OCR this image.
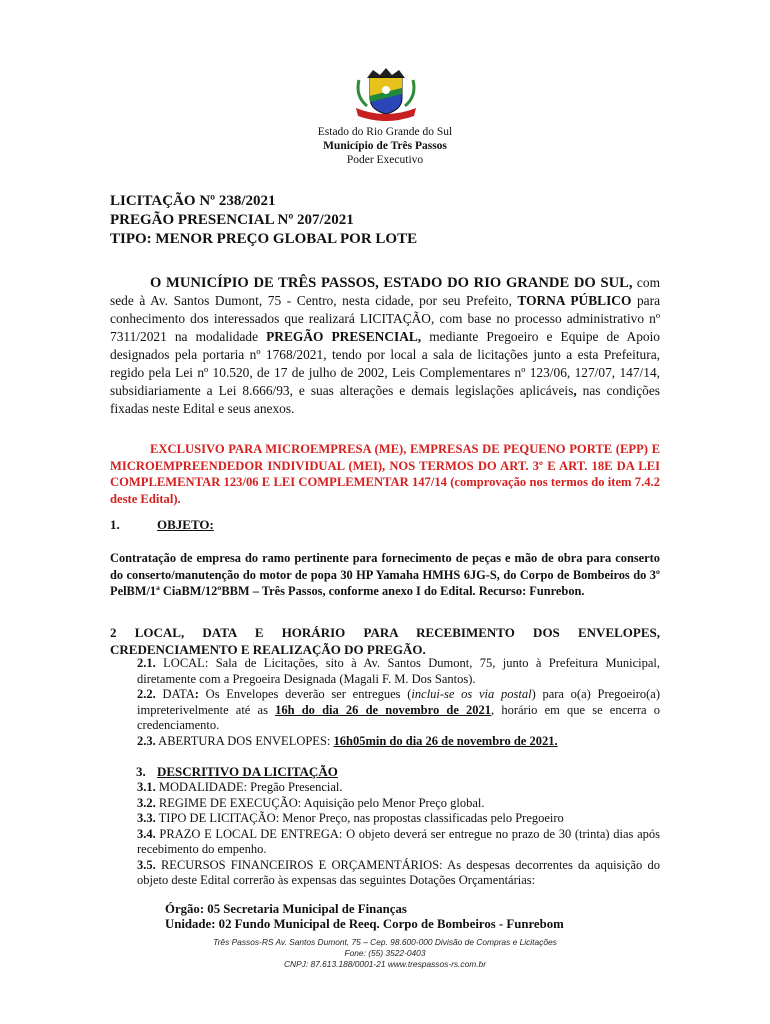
Estado do Rio Grande do Sul
Município de Três Passos
Poder Executivo
LICITAÇÃO Nº 238/2021
PREGÃO PRESENCIAL Nº 207/2021
TIPO: MENOR PREÇO GLOBAL POR LOTE
O MUNICÍPIO DE TRÊS PASSOS, ESTADO DO RIO GRANDE DO SUL, com sede à Av. Santos Dumont, 75 - Centro, nesta cidade, por seu Prefeito, TORNA PÚBLICO para conhecimento dos interessados que realizará LICITAÇÃO, com base no processo administrativo nº 7311/2021 na modalidade PREGÃO PRESENCIAL, mediante Pregoeiro e Equipe de Apoio designados pela portaria nº 1768/2021, tendo por local a sala de licitações junto a esta Prefeitura, regido pela Lei nº 10.520, de 17 de julho de 2002, Leis Complementares nº 123/06, 127/07, 147/14, subsidiariamente a Lei 8.666/93, e suas alterações e demais legislações aplicáveis, nas condições fixadas neste Edital e seus anexos.
EXCLUSIVO PARA MICROEMPRESA (ME), EMPRESAS DE PEQUENO PORTE (EPP) E MICROEMPREENDEDOR INDIVIDUAL (MEI), NOS TERMOS DO ART. 3º E ART. 18E DA LEI COMPLEMENTAR 123/06 E LEI COMPLEMENTAR 147/14 (comprovação nos termos do item 7.4.2 deste Edital).
1.	OBJETO:
Contratação de empresa do ramo pertinente para fornecimento de peças e mão de obra para conserto do conserto/manutenção do motor de popa 30 HP Yamaha HMHS 6JG-S, do Corpo de Bombeiros do 3º PelBM/1ª CiaBM/12ºBBM – Três Passos, conforme anexo I do Edital. Recurso: Funrebon.
2 LOCAL, DATA E HORÁRIO PARA RECEBIMENTO DOS ENVELOPES, CREDENCIAMENTO E REALIZAÇÃO DO PREGÃO.

2.1. LOCAL: Sala de Licitações, sito à Av. Santos Dumont, 75, junto à Prefeitura Municipal, diretamente com a Pregoeira Designada (Magali F. M. Dos Santos).

2.2. DATA: Os Envelopes deverão ser entregues (inclui-se os via postal) para o(a) Pregoeiro(a) impreterivelmente até as 16h do dia 26 de novembro de 2021, horário em que se encerra o credenciamento.

2.3. ABERTURA DOS ENVELOPES: 16h05min do dia 26 de novembro de 2021.

3. DESCRITIVO DA LICITAÇÃO

3.1. MODALIDADE: Pregão Presencial.

3.2. REGIME DE EXECUÇÃO: Aquisição pelo Menor Preço global.

3.3. TIPO DE LICITAÇÃO: Menor Preço, nas propostas classificadas pelo Pregoeiro

3.4. PRAZO E LOCAL DE ENTREGA: O objeto deverá ser entregue no prazo de 30 (trinta) dias após recebimento do empenho.

3.5. RECURSOS FINANCEIROS E ORÇAMENTÁRIOS: As despesas decorrentes da aquisição do objeto deste Edital correrão às expensas das seguintes Dotações Orçamentárias:

Órgão: 05 Secretaria Municipal de Finanças
Unidade: 02 Fundo Municipal de Reeq. Corpo de Bombeiros - Funrebom
Três Passos-RS Av. Santos Dumont, 75 – Cep. 98.600-000 Divisão de Compras e Licitações
Fone: (55) 3522-0403
CNPJ: 87.613.188/0001-21 www.trespassos-rs.com.br
